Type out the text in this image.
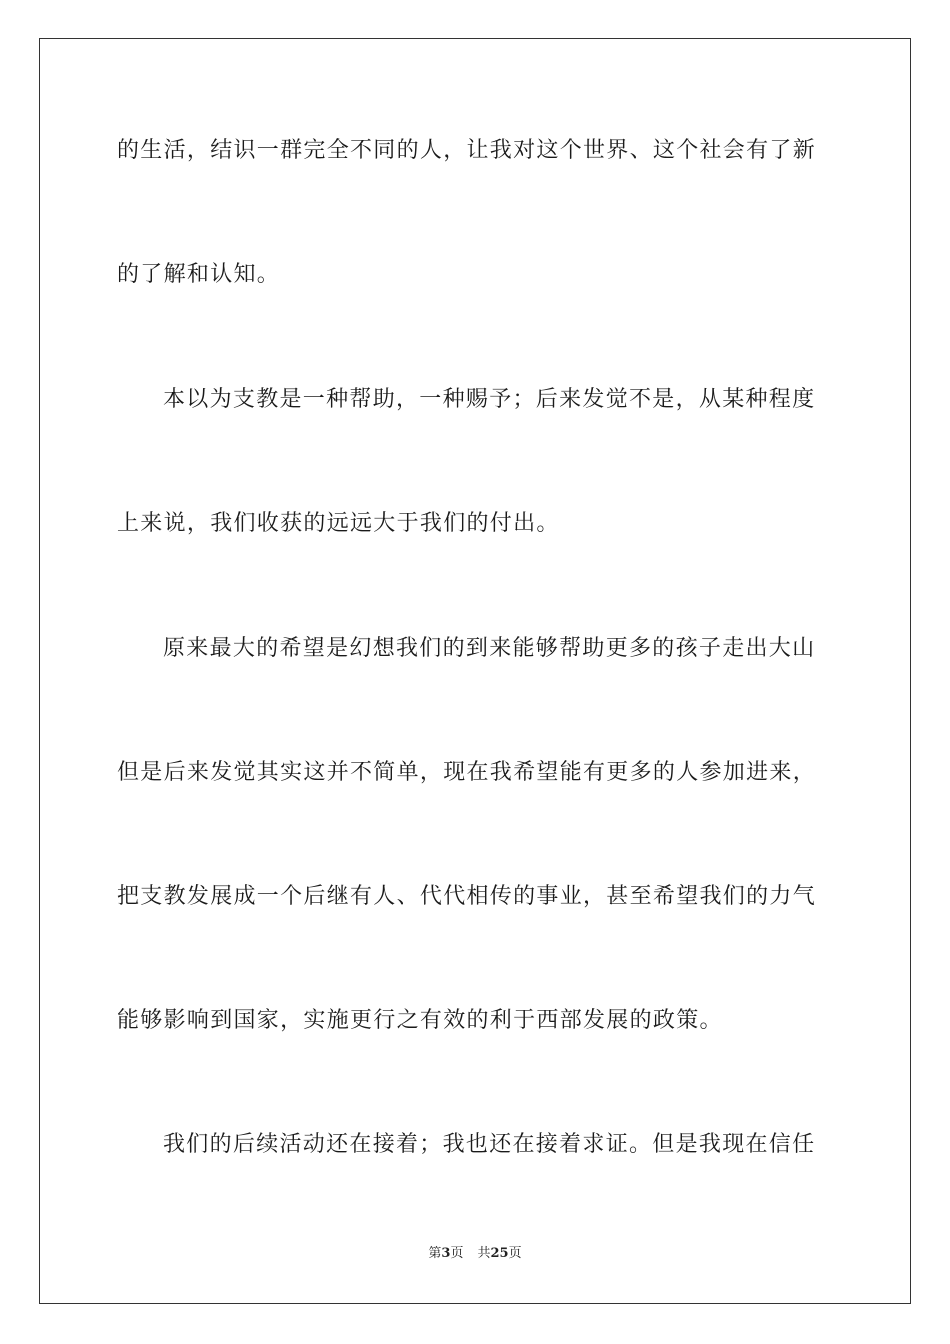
的生活，结识一群完全不同的人，让我对这个世界、这个社会有了新
的了解和认知。
本以为支教是一种帮助，一种赐予；后来发觉不是，从某种程度
上来说，我们收获的远远大于我们的付出。
原来最大的希望是幻想我们的到来能够帮助更多的孩子走出大山
但是后来发觉其实这并不简单，现在我希望能有更多的人参加进来，
把支教发展成一个后继有人、代代相传的事业，甚至希望我们的力气
能够影响到国家，实施更行之有效的利于西部发展的政策。
我们的后续活动还在接着；我也还在接着求证。但是我现在信任
第3页 共25页
